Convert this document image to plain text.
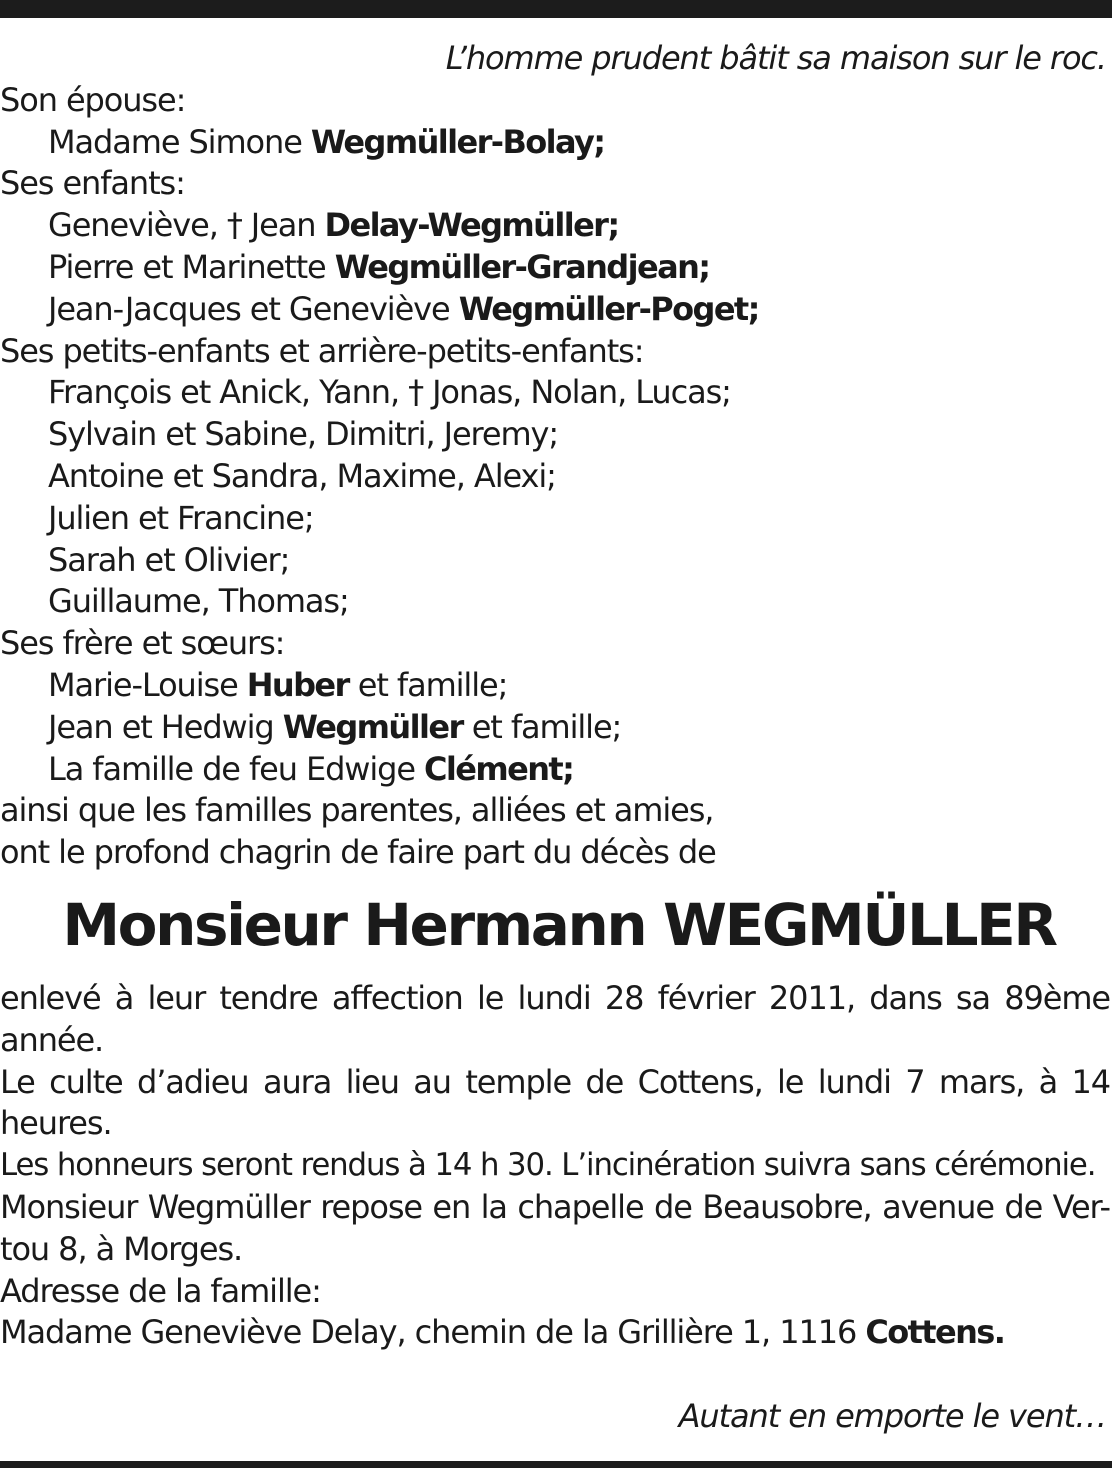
L’homme prudent bâtit sa maison sur le roc.
Son épouse:
Madame Simone Wegmüller-Bolay;
Ses enfants:
Geneviève, † Jean Delay-Wegmüller;
Pierre et Marinette Wegmüller-Grandjean;
Jean-Jacques et Geneviève Wegmüller-Poget;
Ses petits-enfants et arrière-petits-enfants:
François et Anick, Yann, † Jonas, Nolan, Lucas;
Sylvain et Sabine, Dimitri, Jeremy;
Antoine et Sandra, Maxime, Alexi;
Julien et Francine;
Sarah et Olivier;
Guillaume, Thomas;
Ses frère et sœurs:
Marie-Louise Huber et famille;
Jean et Hedwig Wegmüller et famille;
La famille de feu Edwige Clément;
ainsi que les familles parentes, alliées et amies,
ont le profond chagrin de faire part du décès de
Monsieur Hermann WEGMÜLLER
enlevé à leur tendre affection le lundi 28 février 2011, dans sa 89ème
année.
Le culte d’adieu aura lieu au temple de Cottens, le lundi 7 mars, à 14
heures.
Les honneurs seront rendus à 14 h 30. L’incinération suivra sans cérémonie.
Monsieur Wegmüller repose en la chapelle de Beausobre, avenue de Ver-
tou 8, à Morges.
Adresse de la famille:
Madame Geneviève Delay, chemin de la Grillière 1, 1116 Cottens.
Autant en emporte le vent…
